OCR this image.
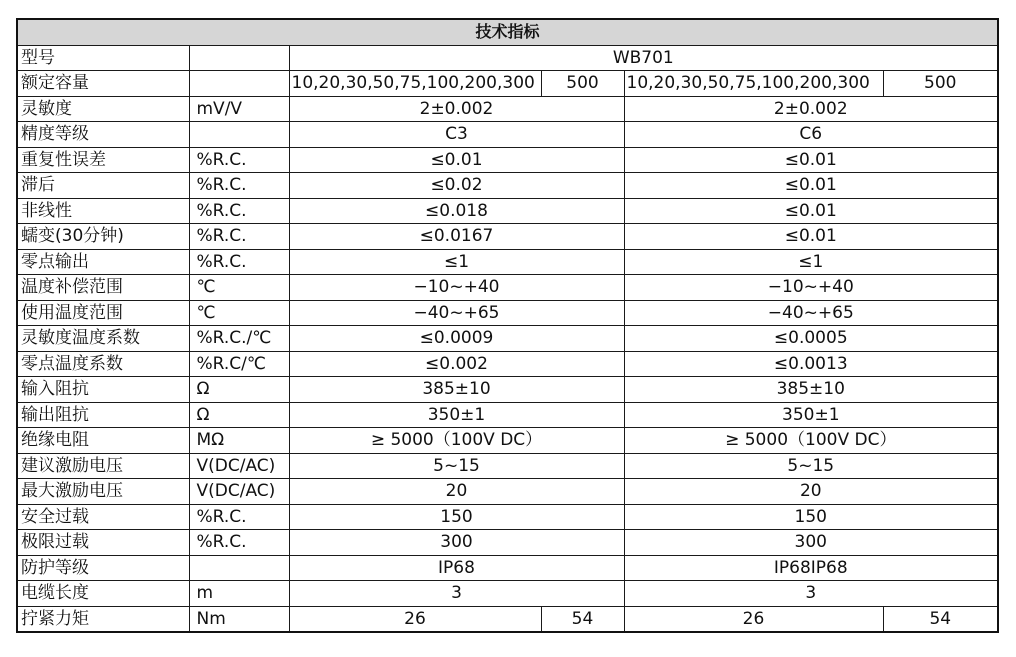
技术指标					
型号		WB701			
额定容量		10,20,30,50,75,100,200,300	500	10,20,30,50,75,100,200,300	500
灵敏度	mV/V	2±0.002		2±0.002	
精度等级		C3		C6	
重复性误差	%R.C.	≤0.01		≤0.01	
滞后	%R.C.	≤0.02		≤0.01	
非线性	%R.C.	≤0.018		≤0.01	
蠕变(30分钟)	%R.C.	≤0.0167		≤0.01	
零点输出	%R.C.	≤1		≤1	
温度补偿范围	℃	−10~+40		−10~+40	
使用温度范围	℃	−40~+65		−40~+65	
灵敏度温度系数	%R.C./℃	≤0.0009		≤0.0005	
零点温度系数	%R.C/℃	≤0.002		≤0.0013	
输入阻抗	Ω	385±10		385±10	
输出阻抗	Ω	350±1		350±1	
绝缘电阻	MΩ	≥ 5000（100V DC）		≥ 5000（100V DC）	
建议激励电压	V(DC/AC)	5~15		5~15	
最大激励电压	V(DC/AC)	20		20	
安全过载	%R.C.	150		150	
极限过载	%R.C.	300		300	
防护等级		IP68		IP68IP68	
电缆长度	m	3		3	
拧紧力矩	Nm	26	54	26	54
